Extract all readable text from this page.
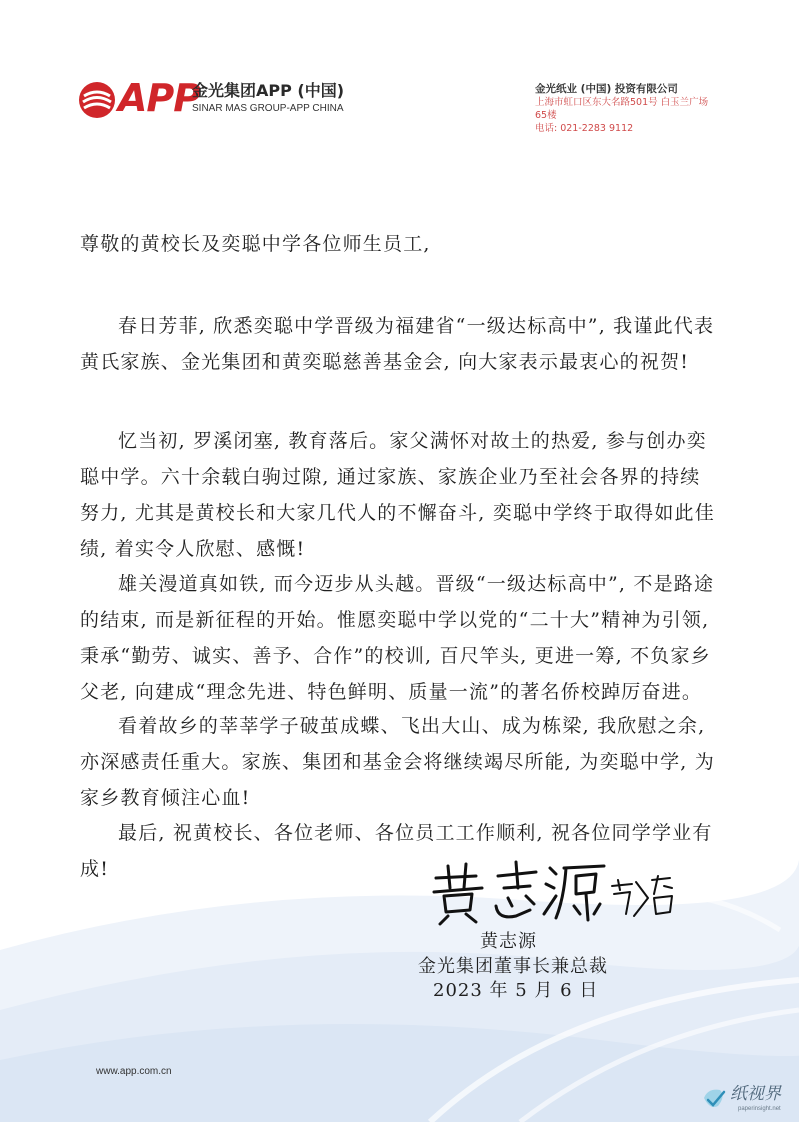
APP
金光集团APP (中国)
SINAR MAS GROUP-APP CHINA
金光纸业 (中国) 投资有限公司
上海市虹口区东大名路501号 白玉兰广场65楼
电话: 021-2283 9112
尊敬的黄校长及奕聪中学各位师生员工,

春日芳菲, 欣悉奕聪中学晋级为福建省“一级达标高中”, 我谨此代表黄氏家族、金光集团和黄奕聪慈善基金会, 向大家表示最衷心的祝贺!

忆当初, 罗溪闭塞, 教育落后。家父满怀对故土的热爱, 参与创办奕聪中学。六十余载白驹过隙, 通过家族、家族企业乃至社会各界的持续努力, 尤其是黄校长和大家几代人的不懈奋斗, 奕聪中学终于取得如此佳绩, 着实令人欣慰、感慨!

雄关漫道真如铁, 而今迈步从头越。晋级“一级达标高中”, 不是路途的结束, 而是新征程的开始。惟愿奕聪中学以党的“二十大”精神为引领, 秉承“勤劳、诚实、善予、合作”的校训, 百尺竿头, 更进一筹, 不负家乡父老, 向建成“理念先进、特色鲜明、质量一流”的著名侨校踔厉奋进。

看着故乡的莘莘学子破茧成蝶、飞出大山、成为栋梁, 我欣慰之余, 亦深感责任重大。家族、集团和基金会将继续竭尽所能, 为奕聪中学, 为家乡教育倾注心血!

最后, 祝黄校长、各位老师、各位员工工作顺利, 祝各位同学学业有成!

黄志源
金光集团董事长兼总裁
2023 年 5 月 6 日
www.app.com.cn
纸视界
paperinsight.net
